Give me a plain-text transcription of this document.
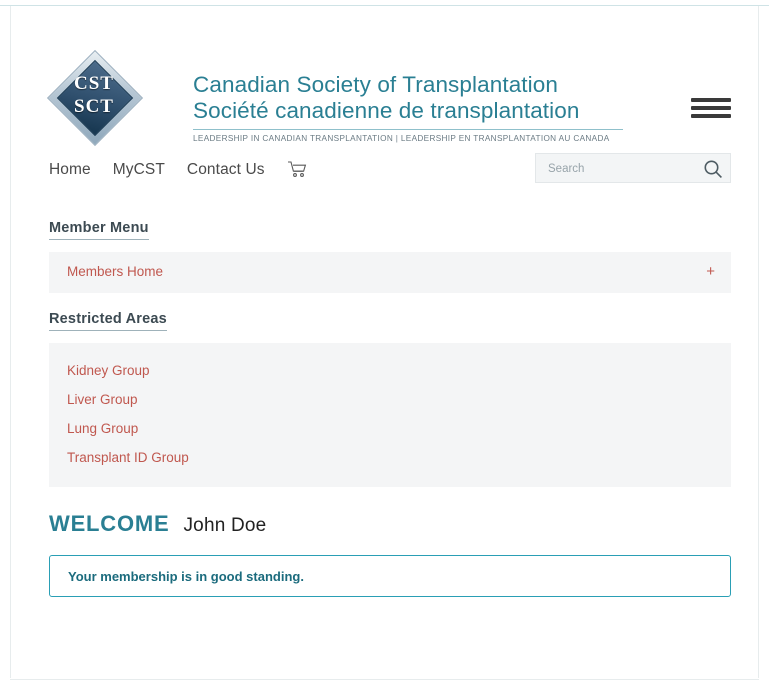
CST
SCT
Canadian Society of Transplantation
Société canadienne de transplantation
LEADERSHIP IN CANADIAN TRANSPLANTATION | LEADERSHIP EN TRANSPLANTATION AU CANADA
Home MyCST Contact Us
Search
Member Menu
Members Home	+
Restricted Areas
Kidney Group
Liver Group
Lung Group
Transplant ID Group
WELCOME John Doe
Your membership is in good standing.
